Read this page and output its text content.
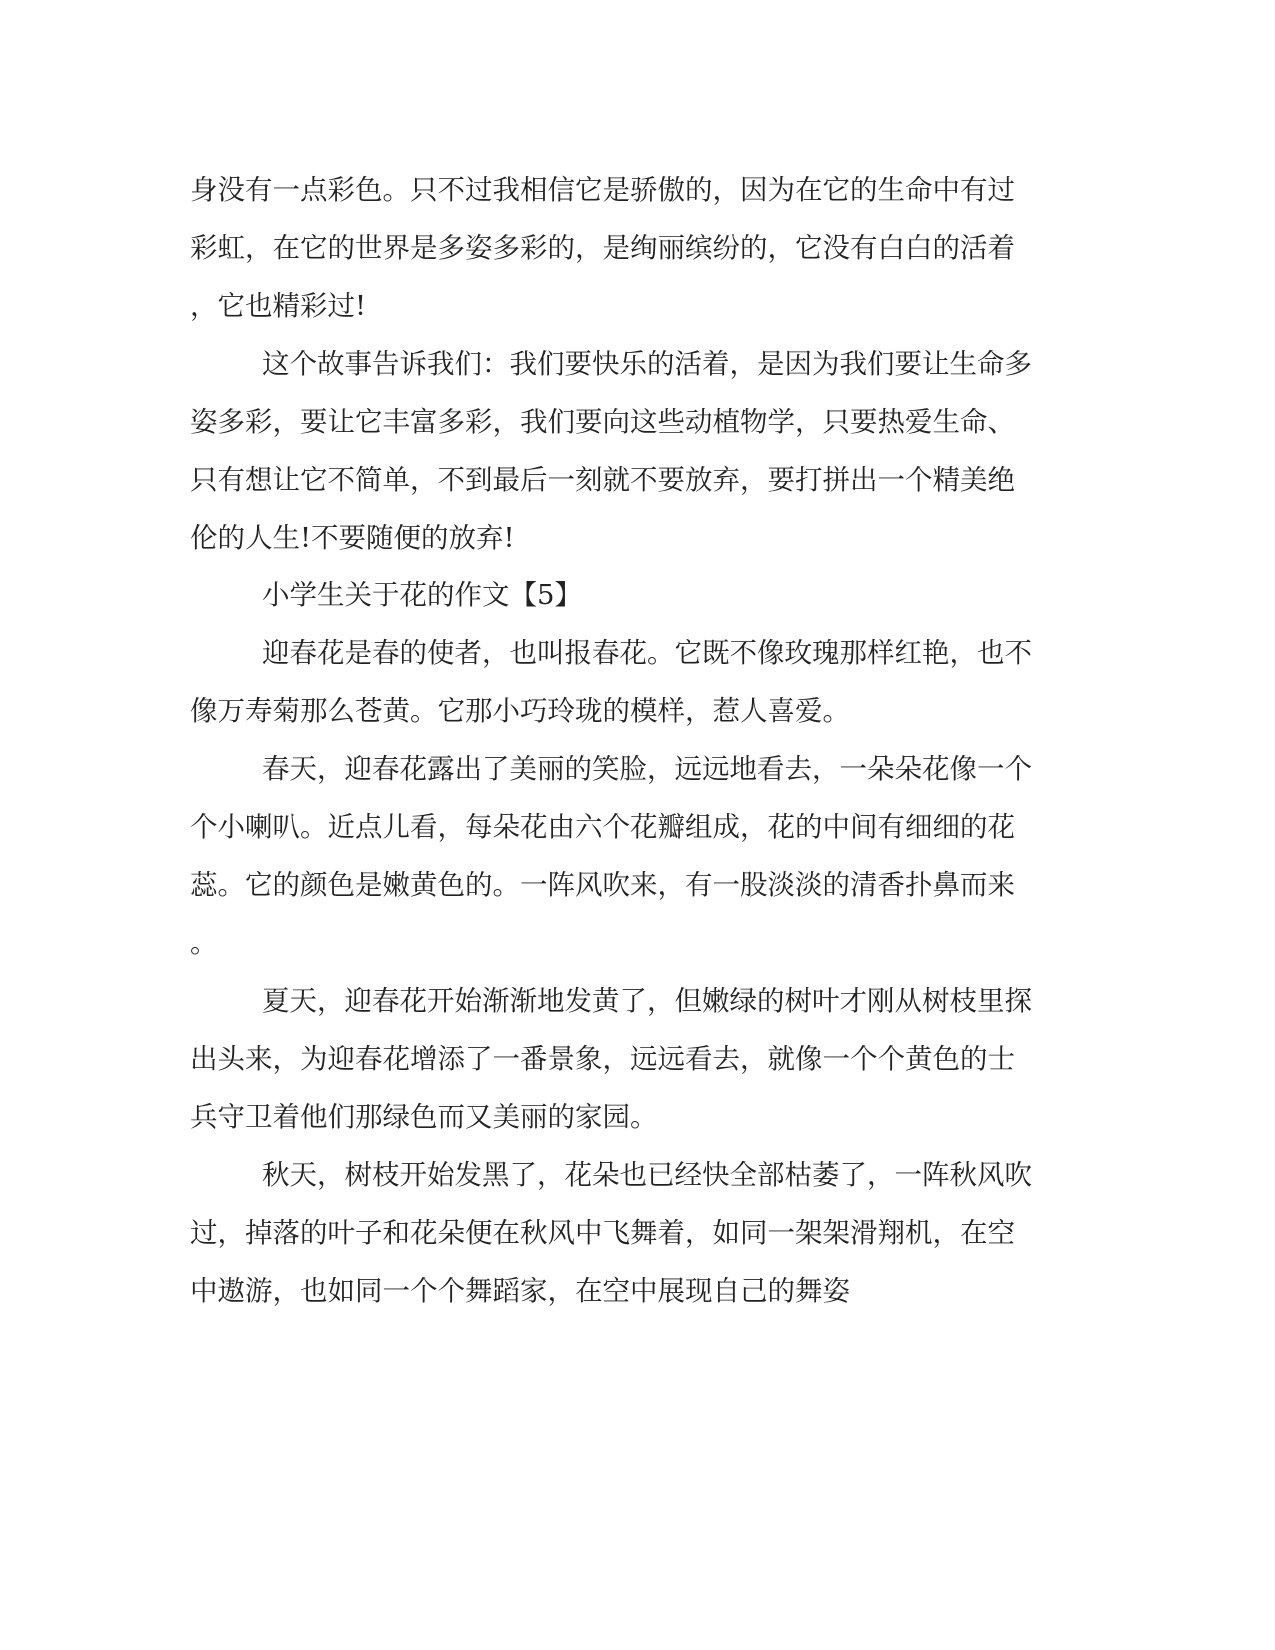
身没有一点彩色。只不过我相信它是骄傲的，因为在它的生命中有过

彩虹，在它的世界是多姿多彩的，是绚丽缤纷的，它没有白白的活着

，它也精彩过!

这个故事告诉我们：我们要快乐的活着，是因为我们要让生命多

姿多彩，要让它丰富多彩，我们要向这些动植物学，只要热爱生命、

只有想让它不简单，不到最后一刻就不要放弃，要打拼出一个精美绝

伦的人生!不要随便的放弃!

小学生关于花的作文【5】

迎春花是春的使者，也叫报春花。它既不像玫瑰那样红艳，也不

像万寿菊那么苍黄。它那小巧玲珑的模样，惹人喜爱。

春天，迎春花露出了美丽的笑脸，远远地看去，一朵朵花像一个

个小喇叭。近点儿看，每朵花由六个花瓣组成，花的中间有细细的花

蕊。它的颜色是嫩黄色的。一阵风吹来，有一股淡淡的清香扑鼻而来

。

夏天，迎春花开始渐渐地发黄了，但嫩绿的树叶才刚从树枝里探

出头来，为迎春花增添了一番景象，远远看去，就像一个个黄色的士

兵守卫着他们那绿色而又美丽的家园。

秋天，树枝开始发黑了，花朵也已经快全部枯萎了，一阵秋风吹

过，掉落的叶子和花朵便在秋风中飞舞着，如同一架架滑翔机，在空

中遨游，也如同一个个舞蹈家，在空中展现自己的舞姿
